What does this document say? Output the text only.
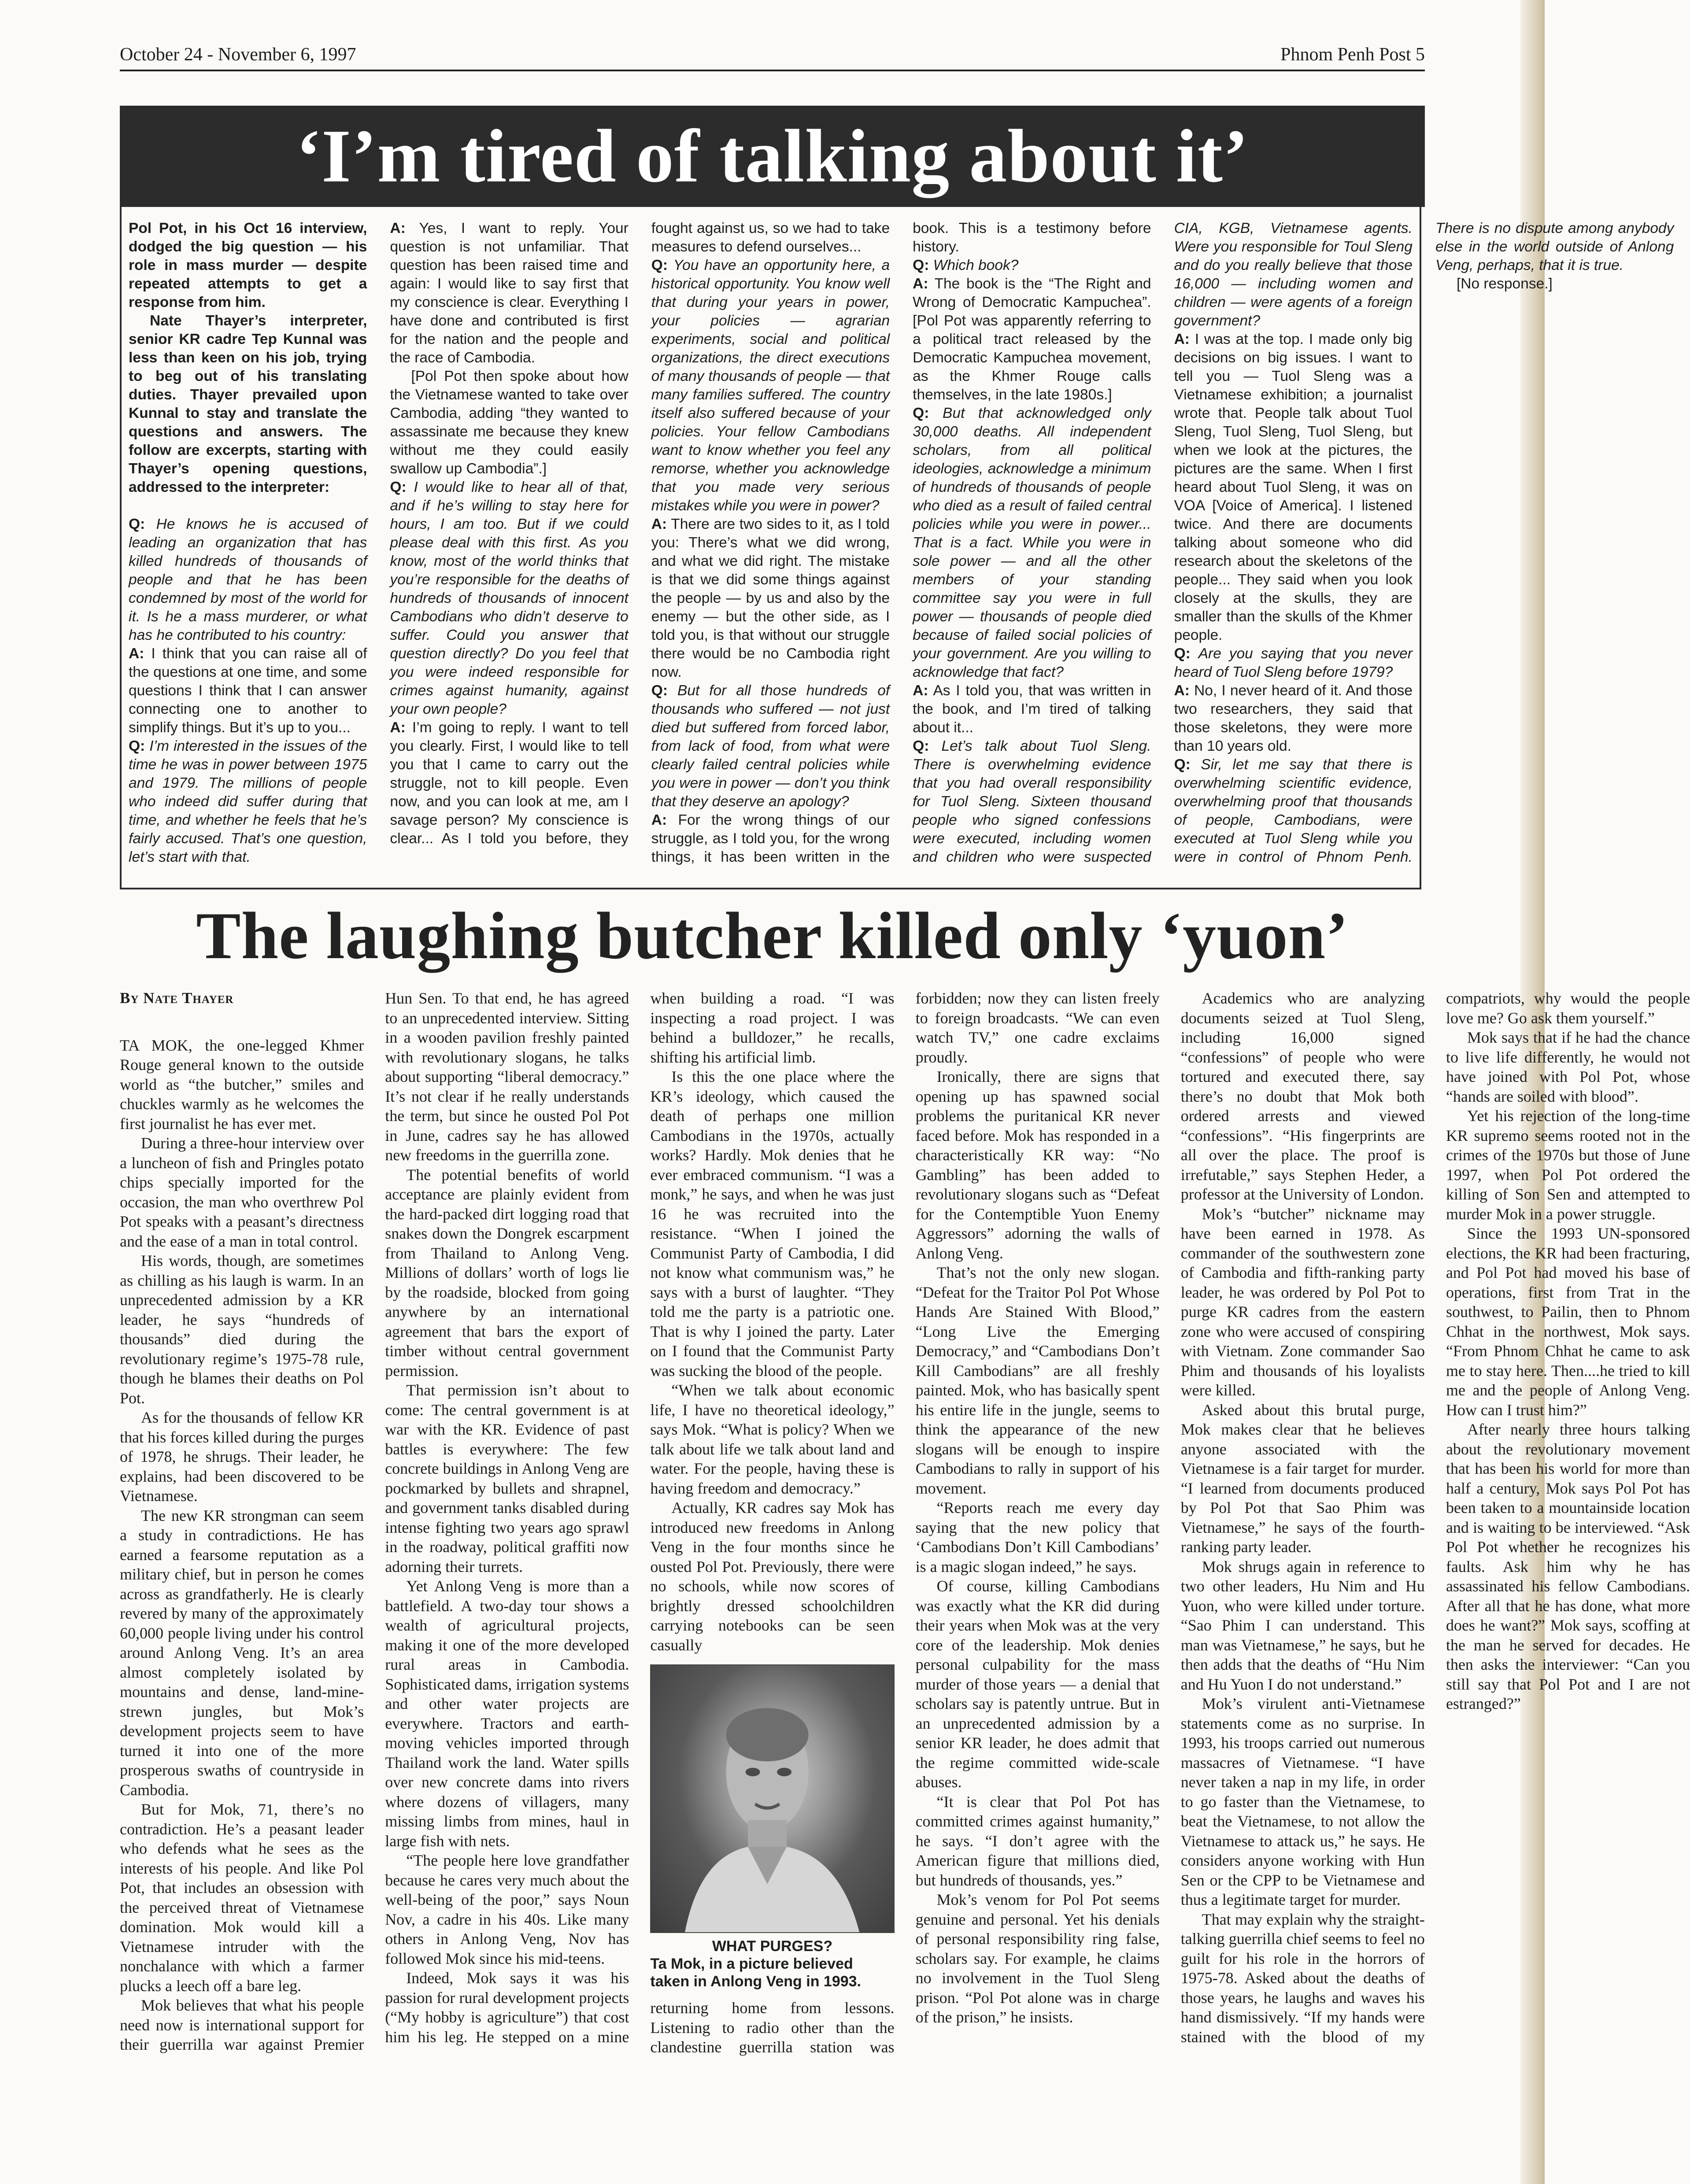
October 24 - November 6, 1997	Phnom Penh Post 5
‘I’m tired of talking about it’

Pol Pot, in his Oct 16 interview, dodged the big question — his role in mass murder — despite repeated attempts to get a response from him.

Nate Thayer’s interpreter, senior KR cadre Tep Kunnal was less than keen on his job, trying to beg out of his translating duties. Thayer prevailed upon Kunnal to stay and translate the questions and answers. The follow are excerpts, starting with Thayer’s opening questions, addressed to the interpreter:

Q: He knows he is accused of leading an organization that has killed hundreds of thousands of people and that he has been condemned by most of the world for it. Is he a mass murderer, or what has he contributed to his country:

A: I think that you can raise all of the questions at one time, and some questions I think that I can answer connecting one to another to simplify things. But it’s up to you...

Q: I’m interested in the issues of the time he was in power between 1975 and 1979. The millions of people who indeed did suffer during that time, and whether he feels that he’s fairly accused. That’s one question, let’s start with that.

A: Yes, I want to reply. Your question is not unfamiliar. That question has been raised time and again: I would like to say first that my conscience is clear. Everything I have done and contributed is first for the nation and the people and the race of Cambodia.

[Pol Pot then spoke about how the Vietnamese wanted to take over Cambodia, adding “they wanted to assassinate me because they knew without me they could easily swallow up Cambodia”.]

Q: I would like to hear all of that, and if he’s willing to stay here for hours, I am too. But if we could please deal with this first. As you know, most of the world thinks that you’re responsible for the deaths of hundreds of thousands of innocent Cambodians who didn’t deserve to suffer. Could you answer that question directly? Do you feel that you were indeed responsible for crimes against humanity, against your own people?

A: I’m going to reply. I want to tell you clearly. First, I would like to tell you that I came to carry out the struggle, not to kill people. Even now, and you can look at me, am I savage person? My conscience is clear... As I told you before, they fought against us, so we had to take measures to defend ourselves...

Q: You have an opportunity here, a historical opportunity. You know well that during your years in power, your policies — agrarian experiments, social and political organizations, the direct executions of many thousands of people — that many families suffered. The country itself also suffered because of your policies. Your fellow Cambodians want to know whether you feel any remorse, whether you acknowledge that you made very serious mistakes while you were in power?

A: There are two sides to it, as I told you: There’s what we did wrong, and what we did right. The mistake is that we did some things against the people — by us and also by the enemy — but the other side, as I told you, is that without our struggle there would be no Cambodia right now.

Q: But for all those hundreds of thousands who suffered — not just died but suffered from forced labor, from lack of food, from what were clearly failed central policies while you were in power — don’t you think that they deserve an apology?

A: For the wrong things of our struggle, as I told you, for the wrong things, it has been written in the book. This is a testimony before history.

Q: Which book?

A: The book is the “The Right and Wrong of Democratic Kampuchea”. [Pol Pot was apparently referring to a political tract released by the Democratic Kampuchea movement, as the Khmer Rouge calls themselves, in the late 1980s.]

Q: But that acknowledged only 30,000 deaths. All independent scholars, from all political ideologies, acknowledge a minimum of hundreds of thousands of people who died as a result of failed central policies while you were in power... That is a fact. While you were in sole power — and all the other members of your standing committee say you were in full power — thousands of people died because of failed social policies of your government. Are you willing to acknowledge that fact?

A: As I told you, that was written in the book, and I’m tired of talking about it...

Q: Let’s talk about Tuol Sleng. There is overwhelming evidence that you had overall responsibility for Tuol Sleng. Sixteen thousand people who signed confessions were executed, including women and children who were suspected CIA, KGB, Vietnamese agents. Were you responsible for Toul Sleng and do you really believe that those 16,000 — including women and children — were agents of a foreign government?

A: I was at the top. I made only big decisions on big issues. I want to tell you — Tuol Sleng was a Vietnamese exhibition; a journalist wrote that. People talk about Tuol Sleng, Tuol Sleng, Tuol Sleng, but when we look at the pictures, the pictures are the same. When I first heard about Tuol Sleng, it was on VOA [Voice of America]. I listened twice. And there are documents talking about someone who did research about the skeletons of the people... They said when you look closely at the skulls, they are smaller than the skulls of the Khmer people.

Q: Are you saying that you never heard of Tuol Sleng before 1979?

A: No, I never heard of it. And those two researchers, they said that those skeletons, they were more than 10 years old.

Q: Sir, let me say that there is overwhelming scientific evidence, overwhelming proof that thousands of people, Cambodians, were executed at Tuol Sleng while you were in control of Phnom Penh. There is no dispute among anybody else in the world outside of Anlong Veng, perhaps, that it is true.

[No response.]

The laughing butcher killed only ‘yuon’
By Nate Thayer

TA MOK, the one-legged Khmer Rouge general known to the outside world as “the butcher,” smiles and chuckles warmly as he welcomes the first journalist he has ever met.

During a three-hour interview over a luncheon of fish and Pringles potato chips specially imported for the occasion, the man who overthrew Pol Pot speaks with a peasant’s directness and the ease of a man in total control.

His words, though, are sometimes as chilling as his laugh is warm. In an unprecedented admission by a KR leader, he says “hundreds of thousands” died during the revolutionary regime’s 1975-78 rule, though he blames their deaths on Pol Pot.

As for the thousands of fellow KR that his forces killed during the purges of 1978, he shrugs. Their leader, he explains, had been discovered to be Vietnamese.

The new KR strongman can seem a study in contradictions. He has earned a fearsome reputation as a military chief, but in person he comes across as grandfatherly. He is clearly revered by many of the approximately 60,000 people living under his control around Anlong Veng. It’s an area almost completely isolated by mountains and dense, land-mine-strewn jungles, but Mok’s development projects seem to have turned it into one of the more prosperous swaths of countryside in Cambodia.

But for Mok, 71, there’s no contradiction. He’s a peasant leader who defends what he sees as the interests of his people. And like Pol Pot, that includes an obsession with the perceived threat of Vietnamese domination. Mok would kill a Vietnamese intruder with the nonchalance with which a farmer plucks a leech off a bare leg.

Mok believes that what his people need now is international support for their guerrilla war against Premier Hun Sen. To that end, he has agreed to an unprecedented interview. Sitting in a wooden pavilion freshly painted with revolutionary slogans, he talks about supporting “liberal democracy.” It’s not clear if he really understands the term, but since he ousted Pol Pot in June, cadres say he has allowed new freedoms in the guerrilla zone.

The potential benefits of world acceptance are plainly evident from the hard-packed dirt logging road that snakes down the Dongrek escarpment from Thailand to Anlong Veng. Millions of dollars’ worth of logs lie by the roadside, blocked from going anywhere by an international agreement that bars the export of timber without central government permission.

That permission isn’t about to come: The central government is at war with the KR. Evidence of past battles is everywhere: The few concrete buildings in Anlong Veng are pockmarked by bullets and shrapnel, and government tanks disabled during intense fighting two years ago sprawl in the roadway, political graffiti now adorning their turrets.

Yet Anlong Veng is more than a battlefield. A two-day tour shows a wealth of agricultural projects, making it one of the more developed rural areas in Cambodia. Sophisticated dams, irrigation systems and other water projects are everywhere. Tractors and earth-moving vehicles imported through Thailand work the land. Water spills over new concrete dams into rivers where dozens of villagers, many missing limbs from mines, haul in large fish with nets.

“The people here love grandfather because he cares very much about the well-being of the poor,” says Noun Nov, a cadre in his 40s. Like many others in Anlong Veng, Nov has followed Mok since his mid-teens.

Indeed, Mok says it was his passion for rural development projects (“My hobby is agriculture”) that cost him his leg. He stepped on a mine when building a road. “I was inspecting a road project. I was behind a bulldozer,” he recalls, shifting his artificial limb.

Is this the one place where the KR’s ideology, which caused the death of perhaps one million Cambodians in the 1970s, actually works? Hardly. Mok denies that he ever embraced communism. “I was a monk,” he says, and when he was just 16 he was recruited into the resistance. “When I joined the Communist Party of Cambodia, I did not know what communism was,” he says with a burst of laughter. “They told me the party is a patriotic one. That is why I joined the party. Later on I found that the Communist Party was sucking the blood of the people.

“When we talk about economic life, I have no theoretical ideology,” says Mok. “What is policy? When we talk about life we talk about land and water. For the people, having these is having freedom and democracy.”

Actually, KR cadres say Mok has introduced new freedoms in Anlong Veng in the four months since he ousted Pol Pot. Previously, there were no schools, while now scores of brightly dressed schoolchildren carrying notebooks can be seen casually

WHAT PURGES?
Ta Mok, in a picture believed taken in Anlong Veng in 1993.

returning home from lessons. Listening to radio other than the clandestine guerrilla station was forbidden; now they can listen freely to foreign broadcasts. “We can even watch TV,” one cadre exclaims proudly.

Ironically, there are signs that opening up has spawned social problems the puritanical KR never faced before. Mok has responded in a characteristically KR way: “No Gambling” has been added to revolutionary slogans such as “Defeat for the Contemptible Yuon Enemy Aggressors” adorning the walls of Anlong Veng.

That’s not the only new slogan. “Defeat for the Traitor Pol Pot Whose Hands Are Stained With Blood,” “Long Live the Emerging Democracy,” and “Cambodians Don’t Kill Cambodians” are all freshly painted. Mok, who has basically spent his entire life in the jungle, seems to think the appearance of the new slogans will be enough to inspire Cambodians to rally in support of his movement.

“Reports reach me every day saying that the new policy that ‘Cambodians Don’t Kill Cambodians’ is a magic slogan indeed,” he says.

Of course, killing Cambodians was exactly what the KR did during their years when Mok was at the very core of the leadership. Mok denies personal culpability for the mass murder of those years — a denial that scholars say is patently untrue. But in an unprecedented admission by a senior KR leader, he does admit that the regime committed wide-scale abuses.

“It is clear that Pol Pot has committed crimes against humanity,” he says. “I don’t agree with the American figure that millions died, but hundreds of thousands, yes.”

Mok’s venom for Pol Pot seems genuine and personal. Yet his denials of personal responsibility ring false, scholars say. For example, he claims no involvement in the Tuol Sleng prison. “Pol Pot alone was in charge of the prison,” he insists.

Academics who are analyzing documents seized at Tuol Sleng, including 16,000 signed “confessions” of people who were tortured and executed there, say there’s no doubt that Mok both ordered arrests and viewed “confessions”. “His fingerprints are all over the place. The proof is irrefutable,” says Stephen Heder, a professor at the University of London.

Mok’s “butcher” nickname may have been earned in 1978. As commander of the southwestern zone of Cambodia and fifth-ranking party leader, he was ordered by Pol Pot to purge KR cadres from the eastern zone who were accused of conspiring with Vietnam. Zone commander Sao Phim and thousands of his loyalists were killed.

Asked about this brutal purge, Mok makes clear that he believes anyone associated with the Vietnamese is a fair target for murder. “I learned from documents produced by Pol Pot that Sao Phim was Vietnamese,” he says of the fourth-ranking party leader.

Mok shrugs again in reference to two other leaders, Hu Nim and Hu Yuon, who were killed under torture. “Sao Phim I can understand. This man was Vietnamese,” he says, but he then adds that the deaths of “Hu Nim and Hu Yuon I do not understand.”

Mok’s virulent anti-Vietnamese statements come as no surprise. In 1993, his troops carried out numerous massacres of Vietnamese. “I have never taken a nap in my life, in order to go faster than the Vietnamese, to beat the Vietnamese, to not allow the Vietnamese to attack us,” he says. He considers anyone working with Hun Sen or the CPP to be Vietnamese and thus a legitimate target for murder.

That may explain why the straight-talking guerrilla chief seems to feel no guilt for his role in the horrors of 1975-78. Asked about the deaths of those years, he laughs and waves his hand dismissively. “If my hands were stained with the blood of my compatriots, why would the people love me? Go ask them yourself.”

Mok says that if he had the chance to live life differently, he would not have joined with Pol Pot, whose “hands are soiled with blood”.

Yet his rejection of the long-time KR supremo seems rooted not in the crimes of the 1970s but those of June 1997, when Pol Pot ordered the killing of Son Sen and attempted to murder Mok in a power struggle.

Since the 1993 UN-sponsored elections, the KR had been fracturing, and Pol Pot had moved his base of operations, first from Trat in the southwest, to Pailin, then to Phnom Chhat in the northwest, Mok says. “From Phnom Chhat he came to ask me to stay here. Then....he tried to kill me and the people of Anlong Veng. How can I trust him?”

After nearly three hours talking about the revolutionary movement that has been his world for more than half a century, Mok says Pol Pot has been taken to a mountainside location and is waiting to be interviewed. “Ask Pol Pot whether he recognizes his faults. Ask him why he has assassinated his fellow Cambodians. After all that he has done, what more does he want?” Mok says, scoffing at the man he served for decades. He then asks the interviewer: “Can you still say that Pol Pot and I are not estranged?”
